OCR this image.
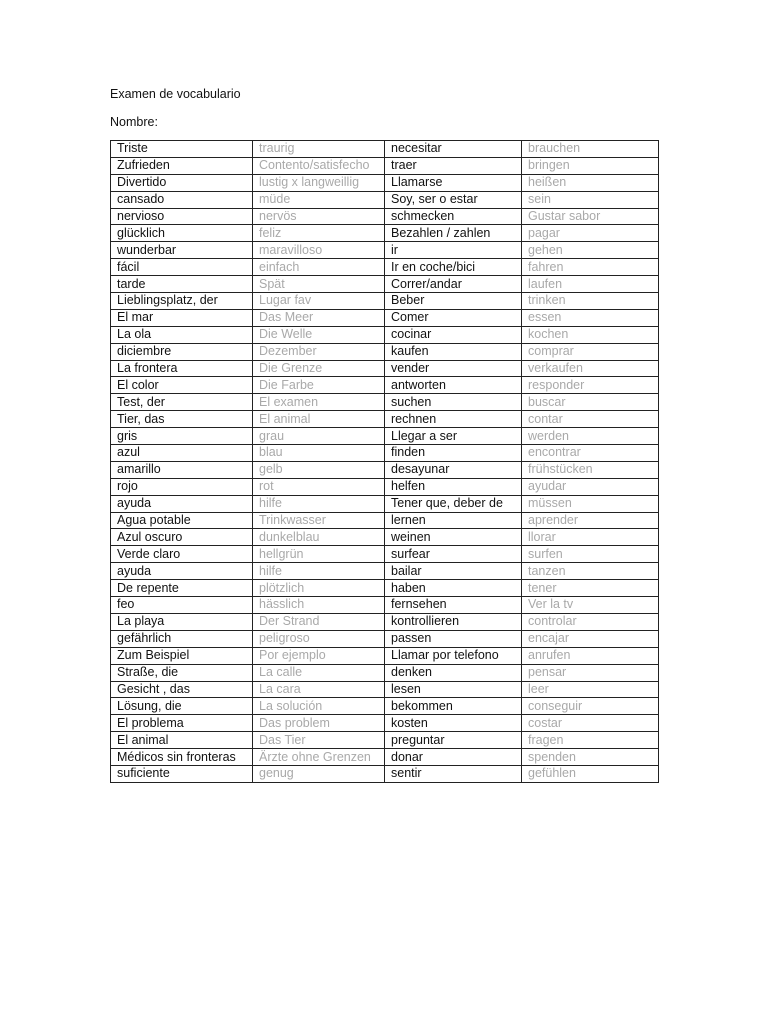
Examen de vocabulario
Nombre:
Triste	traurig	necesitar	brauchen
Zufrieden	Contento/satisfecho	traer	bringen
Divertido	lustig x langweillig	Llamarse	heißen
cansado	müde	Soy, ser o estar	sein
nervioso	nervös	schmecken	Gustar sabor
glücklich	feliz	Bezahlen / zahlen	pagar
wunderbar	maravilloso	ir	gehen
fácil	einfach	Ir en coche/bici	fahren
tarde	Spät	Correr/andar	laufen
Lieblingsplatz, der	Lugar fav	Beber	trinken
El mar	Das Meer	Comer	essen
La ola	Die Welle	cocinar	kochen
diciembre	Dezember	kaufen	comprar
La frontera	Die Grenze	vender	verkaufen
El color	Die Farbe	antworten	responder
Test, der	El examen	suchen	buscar
Tier, das	El animal	rechnen	contar
gris	grau	Llegar a ser	werden
azul	blau	finden	encontrar
amarillo	gelb	desayunar	frühstücken
rojo	rot	helfen	ayudar
ayuda	hilfe	Tener que, deber de	müssen
Agua potable	Trinkwasser	lernen	aprender
Azul oscuro	dunkelblau	weinen	llorar
Verde claro	hellgrün	surfear	surfen
ayuda	hilfe	bailar	tanzen
De repente	plötzlich	haben	tener
feo	hässlich	fernsehen	Ver la tv
La playa	Der Strand	kontrollieren	controlar
gefährlich	peligroso	passen	encajar
Zum Beispiel	Por ejemplo	Llamar por telefono	anrufen
Straße, die	La calle	denken	pensar
Gesicht , das	La cara	lesen	leer
Lösung, die	La solución	bekommen	conseguir
El problema	Das problem	kosten	costar
El animal	Das Tier	preguntar	fragen
Médicos sin fronteras	Ärzte ohne Grenzen	donar	spenden
suficiente	genug	sentir	gefühlen
